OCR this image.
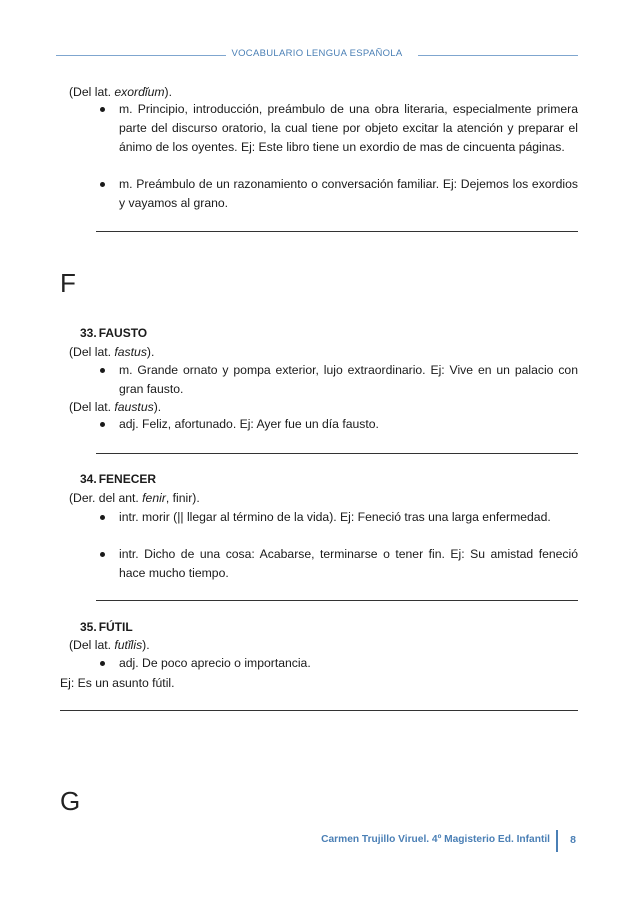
VOCABULARIO LENGUA ESPAÑOLA
(Del lat. exordĭum).
m. Principio, introducción, preámbulo de una obra literaria, especialmente primera parte del discurso oratorio, la cual tiene por objeto excitar la atención y preparar el ánimo de los oyentes. Ej: Este libro tiene un exordio de mas de cincuenta páginas.
m. Preámbulo de un razonamiento o conversación familiar. Ej: Dejemos los exordios y vayamos al grano.
F
33. FAUSTO
(Del lat. fastus).
m. Grande ornato y pompa exterior, lujo extraordinario. Ej: Vive en un palacio con gran fausto.
(Del lat. faustus).
adj. Feliz, afortunado. Ej: Ayer fue un día fausto.
34. FENECER
(Der. del ant. fenir, finir).
intr. morir (|| llegar al término de la vida). Ej: Feneció tras una larga enfermedad.
intr. Dicho de una cosa: Acabarse, terminarse o tener fin. Ej: Su amistad feneció hace mucho tiempo.
35. FÚTIL
(Del lat. futĭlis).
adj. De poco aprecio o importancia.
Ej: Es un asunto fútil.
G
Carmen Trujillo Viruel. 4º Magisterio Ed. Infantil 8
